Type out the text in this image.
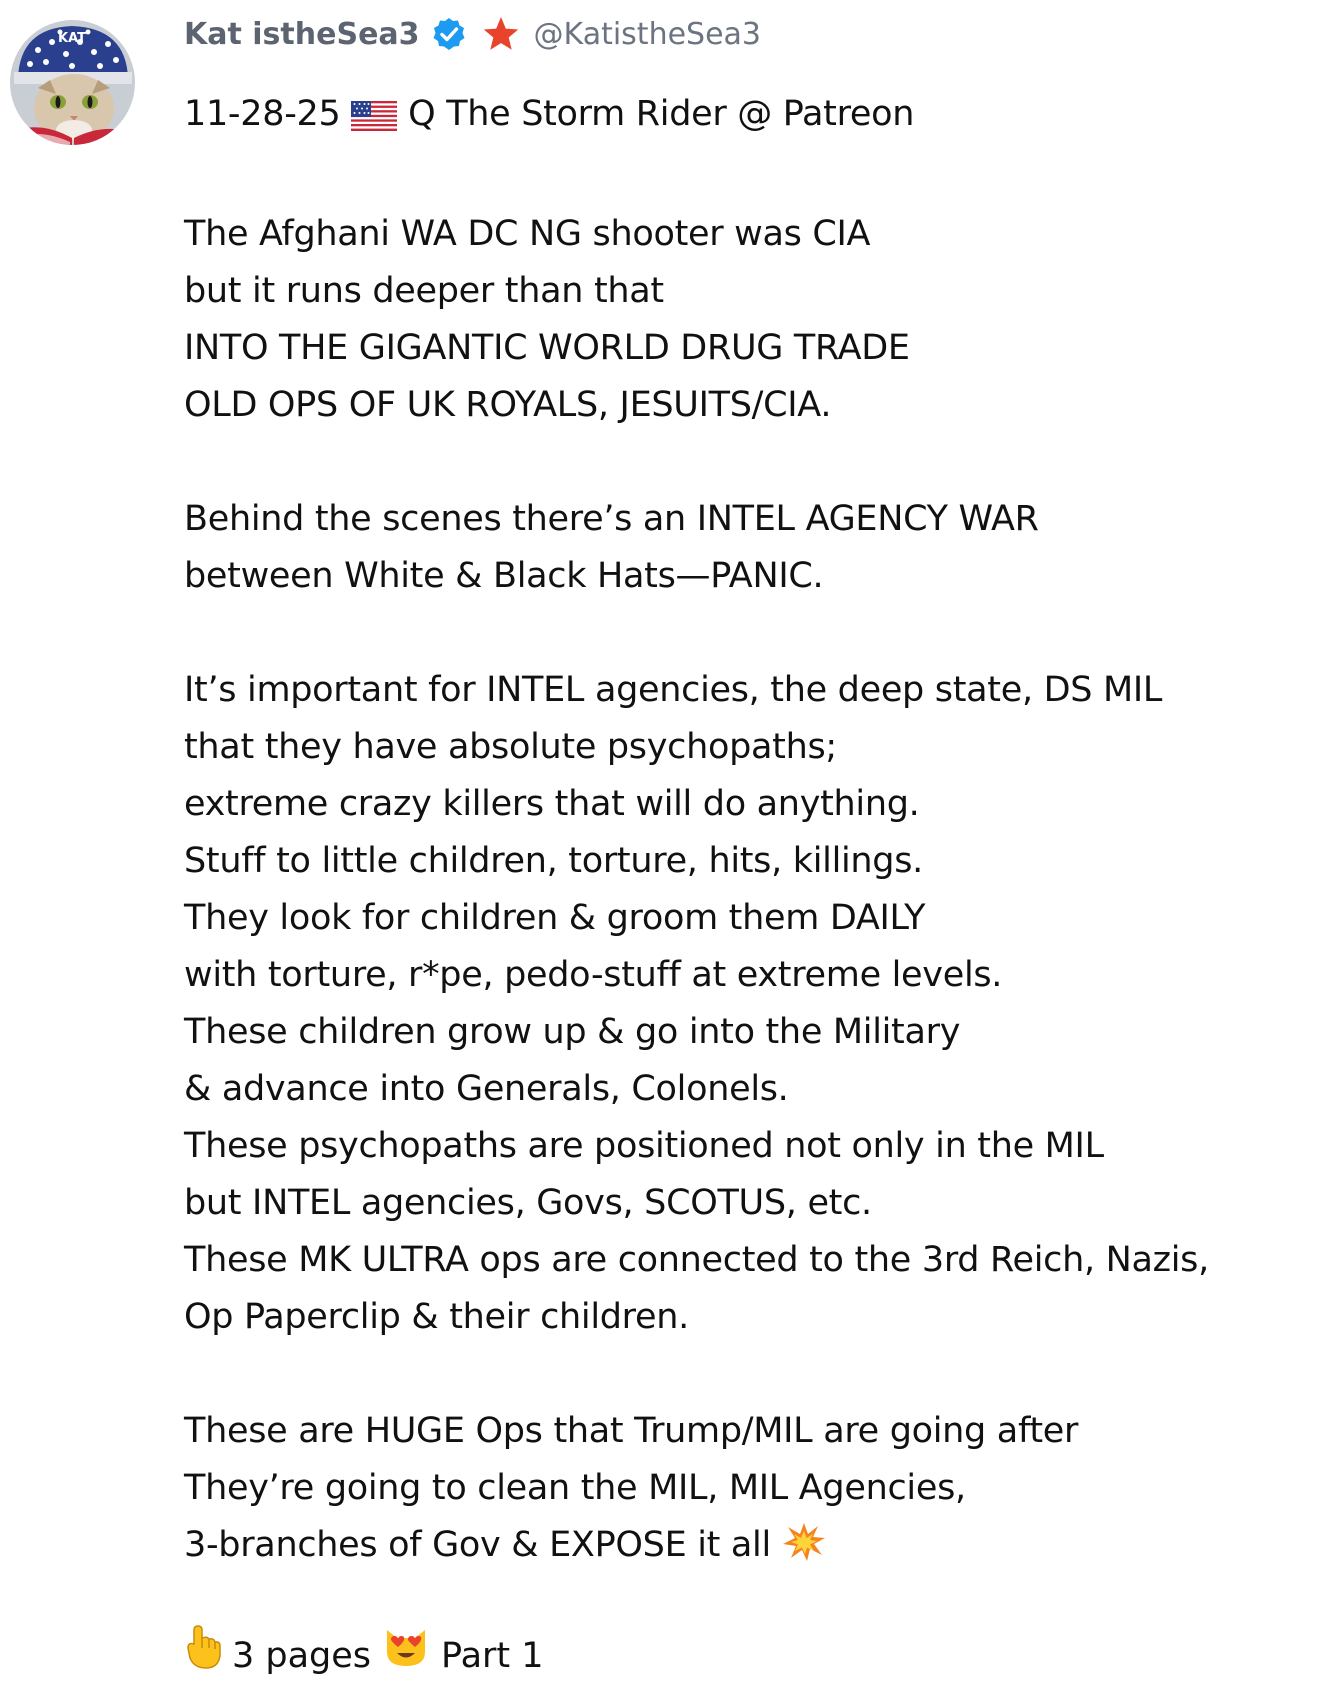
KAT	Kat istheSea3	@KatistheSea3
11-28-25 Q The Storm Rider @ Patreon
The Afghani WA DC NG shooter was CIA
but it runs deeper than that
INTO THE GIGANTIC WORLD DRUG TRADE
OLD OPS OF UK ROYALS, JESUITS/CIA.
Behind the scenes there’s an INTEL AGENCY WAR
between White & Black Hats—PANIC.
It’s important for INTEL agencies, the deep state, DS MIL
that they have absolute psychopaths;
extreme crazy killers that will do anything.
Stuff to little children, torture, hits, killings.
They look for children & groom them DAILY
with torture, r*pe, pedo-stuff at extreme levels.
These children grow up & go into the Military
& advance into Generals, Colonels.
These psychopaths are positioned not only in the MIL
but INTEL agencies, Govs, SCOTUS, etc.
These MK ULTRA ops are connected to the 3rd Reich, Nazis,
Op Paperclip & their children.
These are HUGE Ops that Trump/MIL are going after
They’re going to clean the MIL, MIL Agencies,
3-branches of Gov & EXPOSE it all
3 pages Part 1
